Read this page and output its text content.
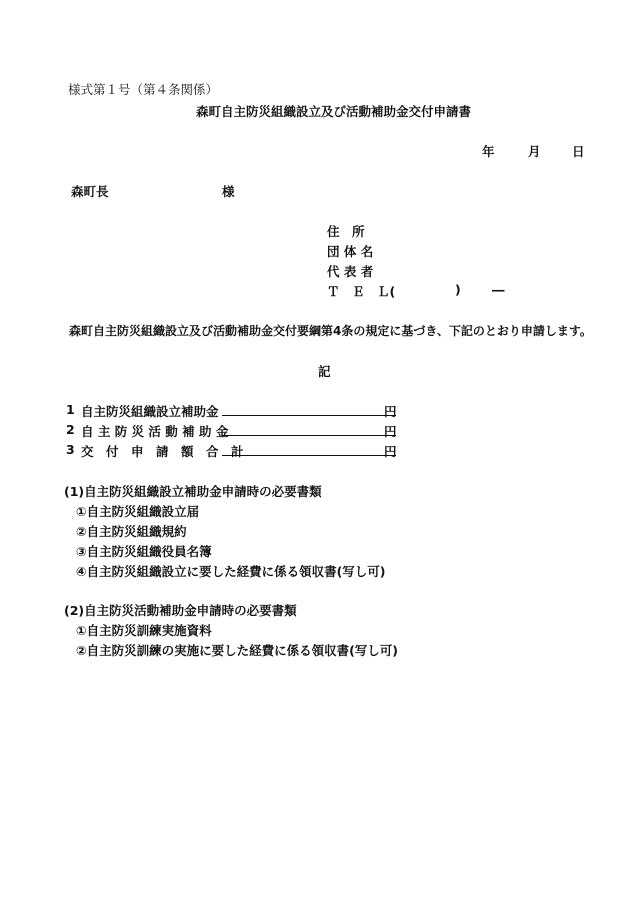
様式第１号（第４条関係）
森町自主防災組織設立及び活動補助金交付申請書
年	月	日
森町長	様
住　所
団 体 名
代 表 者
Ｔ　Ｅ　Ｌ(	)	―
森町自主防災組織設立及び活動補助金交付要綱第4条の規定に基づき、下記のとおり申請します。
記
1 自主防災組織設立補助金	円
2 自 主 防 災 活 動 補 助 金	円
3 交　付　申　請　額　合　計	円
(1)自主防災組織設立補助金申請時の必要書類
①自主防災組織設立届
②自主防災組織規約
③自主防災組織役員名簿
④自主防災組織設立に要した経費に係る領収書(写し可)
(2)自主防災活動補助金申請時の必要書類
①自主防災訓練実施資料
②自主防災訓練の実施に要した経費に係る領収書(写し可)
